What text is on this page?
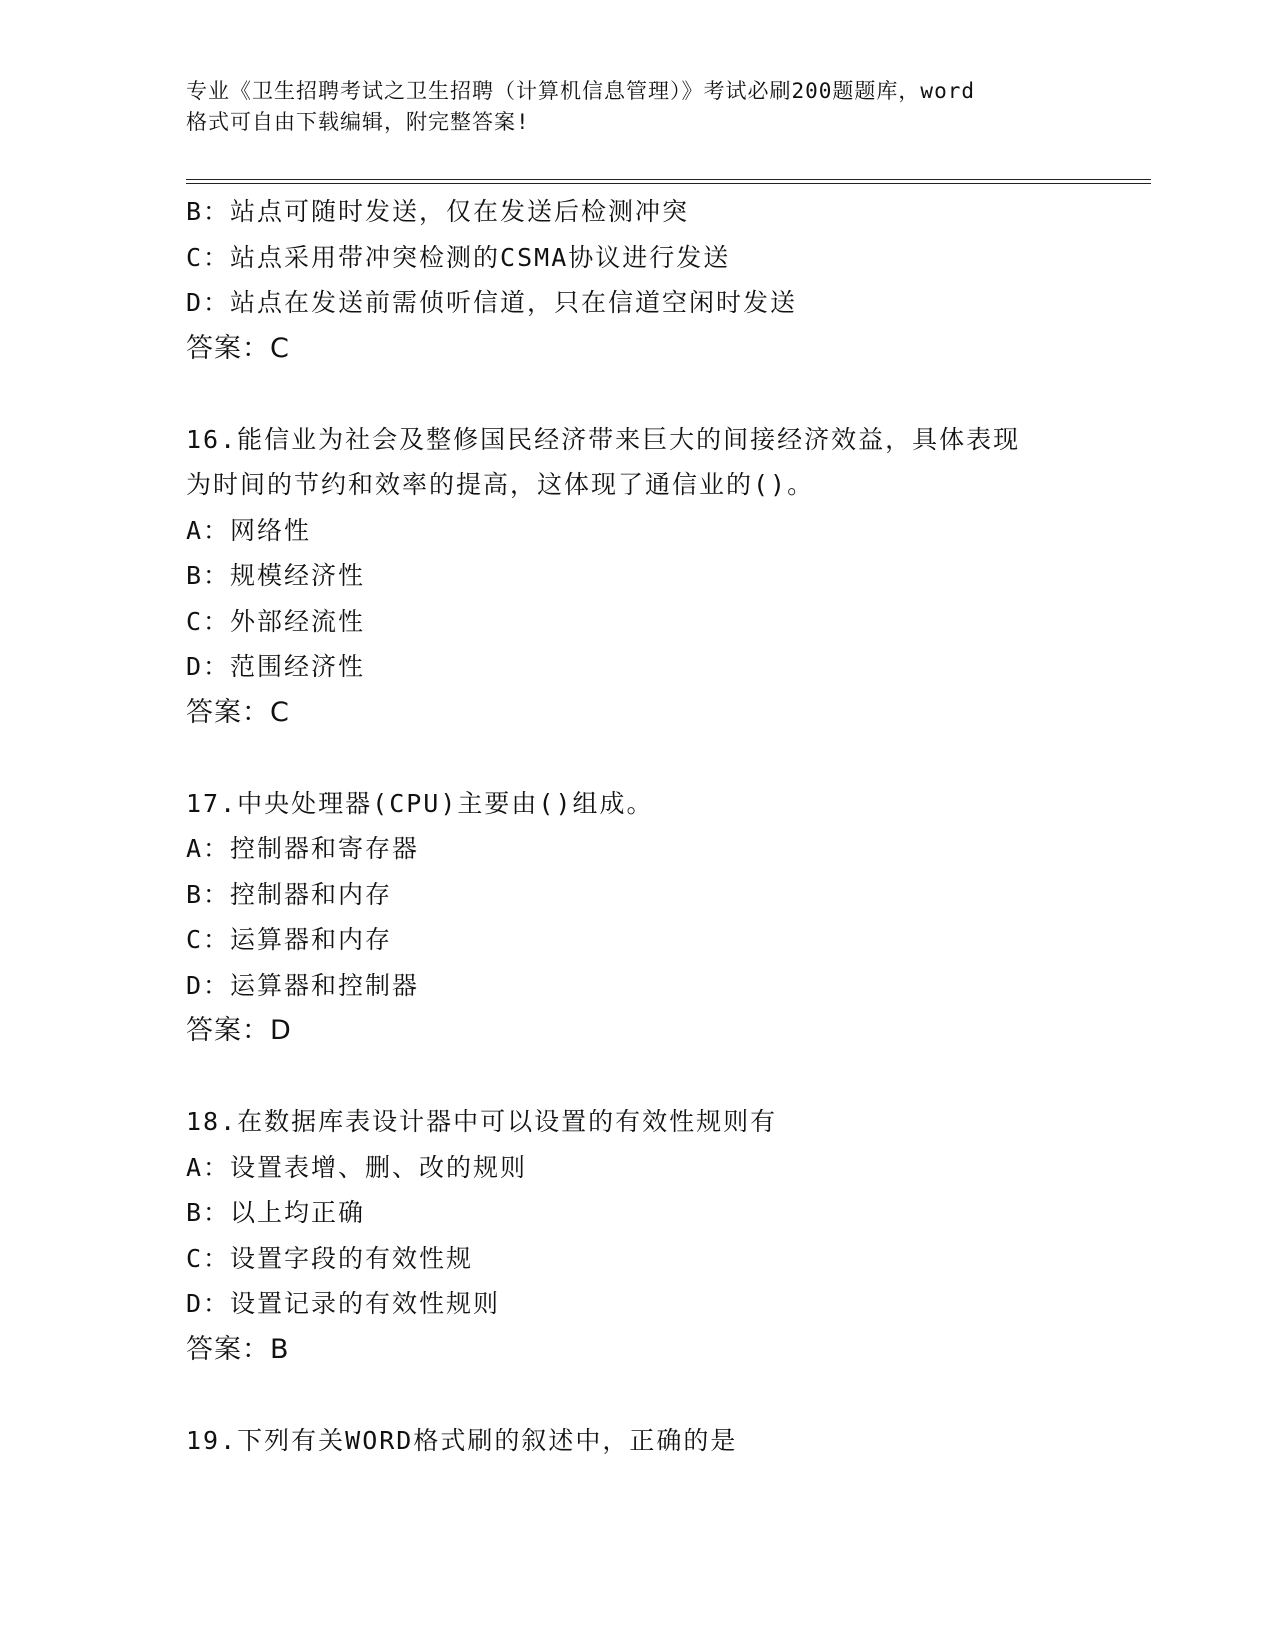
专业《卫生招聘考试之卫生招聘（计算机信息管理）》考试必刷200题题库，word
格式可自由下载编辑，附完整答案!
B：站点可随时发送，仅在发送后检测冲突
C：站点采用带冲突检测的CSMA协议进行发送
D：站点在发送前需侦听信道，只在信道空闲时发送
答案：C
16.能信业为社会及整修国民经济带来巨大的间接经济效益，具体表现
为时间的节约和效率的提高，这体现了通信业的()。
A：网络性
B：规模经济性
C：外部经流性
D：范围经济性
答案：C
17.中央处理器(CPU)主要由()组成。
A：控制器和寄存器
B：控制器和内存
C：运算器和内存
D：运算器和控制器
答案：D
18.在数据库表设计器中可以设置的有效性规则有
A：设置表增、删、改的规则
B：以上均正确
C：设置字段的有效性规
D：设置记录的有效性规则
答案：B
19.下列有关WORD格式刷的叙述中，正确的是
